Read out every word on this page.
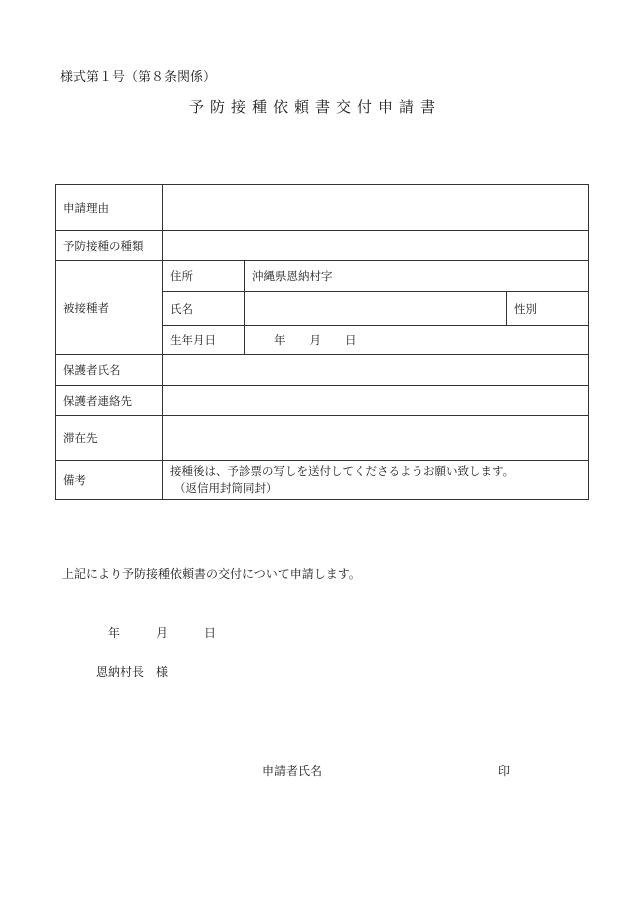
様式第１号（第８条関係）
予防接種依頼書交付申請書
申請理由			
予防接種の種類			
被接種者	住所	沖縄県恩納村字	
	氏名		性別
	生年月日	年 月 日	
保護者氏名			
保護者連絡先			
滞在先			
備考	接種後は、予診票の写しを送付してくださるようお願い致します。
（返信用封筒同封）		
上記により予防接種依頼書の交付について申請します。
年	月	日
恩納村長　様
申請者氏名	印
